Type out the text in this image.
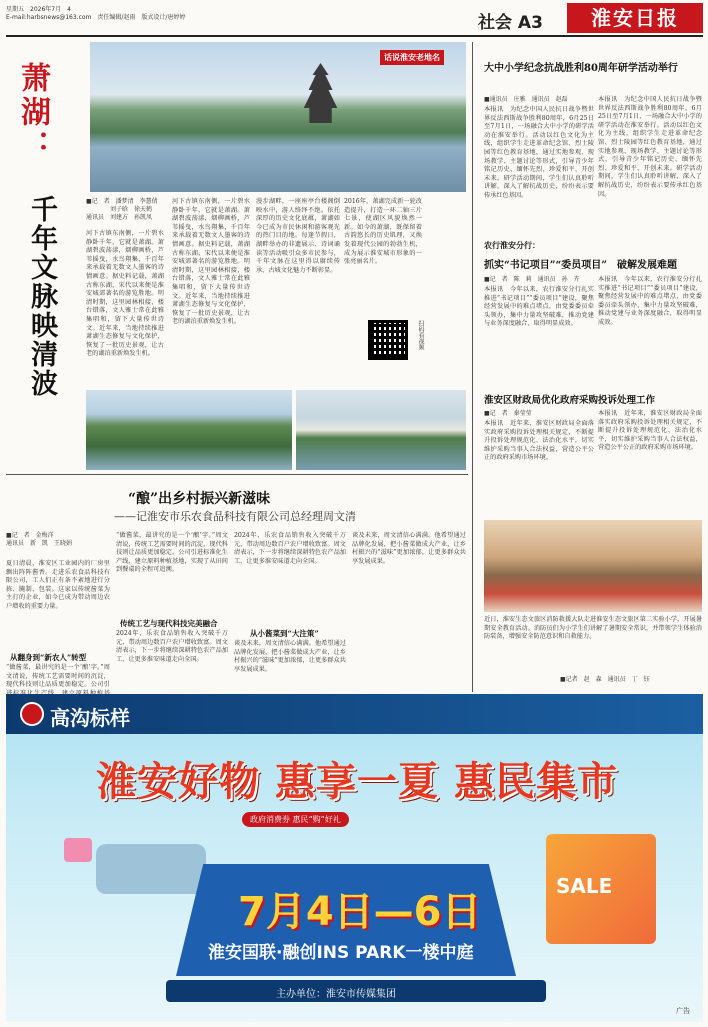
星期五　2026年7月　4
E-mail:harbsnews@163.com　责任编辑/赵雨　版式设计/唐婷婷	社会 A3	淮安日报
话说淮安老地名
萧湖：
千年文脉映清波	■记　者　潘梦清　李慧倩
　　　　刘子晗　徐天鹤
通讯员　刘建方　孙凯凤
河下古镇东南侧，一片碧水静卧千年，它就是萧湖。萧湖碧波荡漾，烟柳画桥，芦苇摇曳，水鸟翔集，千百年来承载着无数文人墨客的诗情画意。据史料记载，萧湖古称东湖，宋代以来便是淮安城郊著名的游览胜地。明清时期，这里园林相接，楼台错落，文人雅士常在此雅集唱和，留下大量传世诗文。近年来，当地持续推进萧湖生态修复与文化保护，恢复了一批历史景观，让古老的湖泊重新焕发生机。
河下古镇东南侧，一片碧水静卧千年，它就是萧湖。萧湖碧波荡漾，烟柳画桥，芦苇摇曳，水鸟翔集，千百年来承载着无数文人墨客的诗情画意。据史料记载，萧湖古称东湖，宋代以来便是淮安城郊著名的游览胜地。明清时期，这里园林相接，楼台错落，文人雅士常在此雅集唱和，留下大量传世诗文。近年来，当地持续推进萧湖生态修复与文化保护，恢复了一批历史景观，让古老的湖泊重新焕发生机。
漫步湖畔，一座座亭台楼阁倒映水中，游人络绎不绝。依托深厚的历史文化底蕴，萧湖如今已成为市民休闲和游客观光的热门目的地。每逢节假日，湖畔举办的非遗展示、诗词诵读等活动吸引众多市民参与，千年文脉在这里得以赓续传承，古城文化魅力不断彰显。
2016年，萧湖完成新一轮改造提升，打造一环二轴三片七景，使湖区风貌焕然一新。如今的萧湖，既保留着古韵悠长的历史肌理，又焕发着现代公园的勃勃生机，成为展示淮安城市形象的一张亮丽名片。
扫码看视频
“酿”出乡村振兴新滋味
——记淮安市乐农食品科技有限公司总经理周文清
■记　者　金梅洋
通讯员　新　凯　王晓娟
夏日清晨，淮安区工业园内的厂房里飘出阵阵酱香。走进乐农食品科技有限公司，工人们正有条不紊地进行分拣、腌制、包装。这家以传统酱菜为主打的企业，如今已成为带动周边农户增收的重要力量。
从翻身到“新农人”转型
“做酱菜，最讲究的是一个‘酿’字。”周文清说，传统工艺需要时间的沉淀，现代科技则让品质更加稳定。公司引
“做酱菜，最讲究的是一个‘酿’字。”周文清说，传统工艺需要时间的沉淀，现代科技则让品质更加稳定。公司引进标准化生产线，建立原料种植基地，实现了从田间到餐桌的全程可追溯。
传统工艺与现代科技完美融合
2024年，乐农食品销售收入突破千万元，带动周边数百户农户增收致富。周文清表示，下一步将继续深耕特色农产品加工，让更多淮安味道走向全国。
2024年，乐农食品销售收入突破千万元，带动周边数百户农户增收致富。周文清表示，下一步将继续深耕特色农产品加工，让更多淮安味道走向全国。
从小酱菜到“大注策”
谈及未来，周文清信心满满。他希望通过品牌化发展，把小酱菜做成大产业，让乡村振兴的“滋味”更加浓郁，让更多群众共享发展成果。
谈及未来，周文清信心满满。他希望通过品牌化发展，把小酱菜做成大产业，让乡村振兴的“滋味”更加浓郁，让更多群众共享发展成果。
大中小学纪念抗战胜利80周年研学活动举行
■通讯员　庄雅　通讯员　赵磊
本报讯　为纪念中国人民抗日战争暨世界反法西斯战争胜利80周年，6月25日至7月1日，一场融合大中小学的研学活动在淮安举行。活动以红色文化为主线，组织学生走进革命纪念馆、烈士陵园等红色教育基地，通过实地参观、现场教学、主题讨论等形式，引导青少年铭记历史、缅怀先烈、珍爱和平、开创未来。研学活动期间，学生们认真聆听讲解，深入了解抗战历史，纷纷表示要传承红色基因。
本报讯　为纪念中国人民抗日战争暨世界反法西斯战争胜利80周年，6月25日至7月1日，一场融合大中小学的研学活动在淮安举行。活动以红色文化为主线，组织学生走进革命纪念馆、烈士陵园等红色教育基地，通过实地参观、现场教学、主题讨论等形式，引导青少年铭记历史、缅怀先烈、珍爱和平、开创未来。研学活动期间，学生们认真聆听讲解，深入了解抗战历史，纷纷表示要传承红色基因。
农行淮安分行：
抓实“书记项目”“委员项目”　破解发展难题
■记　者　陈　莉　通讯员　孙　卉
本报讯　今年以来，农行淮安分行扎实推进“书记项目”“委员项目”建设，聚焦经营发展中的难点堵点，由党委委员牵头领办，集中力量攻坚破难，推动党建与业务深度融合，取得明显成效。
本报讯　今年以来，农行淮安分行扎实推进“书记项目”“委员项目”建设，聚焦经营发展中的难点堵点，由党委委员牵头领办，集中力量攻坚破难，推动党建与业务深度融合，取得明显成效。
淮安区财政局优化政府采购投诉处理工作
■记　者　秦莹莹
本报讯　近年来，淮安区财政局全面落实政府采购投诉处理相关规定，不断提升投诉处理规范化、法治化水平，切实维护采购当事人合法权益，营造公平公正的政府采购市场环境。
本报讯　近年来，淮安区财政局全面落实政府采购投诉处理相关规定，不断提升投诉处理规范化、法治化水平，切实维护采购当事人合法权益，营造公平公正的政府采购市场环境。
近日，淮安生态文旅区消防救援大队走进淮安生态文旅区第二实验小学，开展暑期安全教育活动。消防员们为小学生们讲解了暑期安全常识，并带领学生体验消防装备，增强安全防范意识和自救能力。
■记者　赵　森　通讯员　丁　钰
高沟标样
淮安好物 惠享一夏 惠民集市
政府消费券 惠民“购”好礼
SALE
7月4日—6日
淮安国联·融创INS PARK一楼中庭
主办单位：淮安市传媒集团
广告
